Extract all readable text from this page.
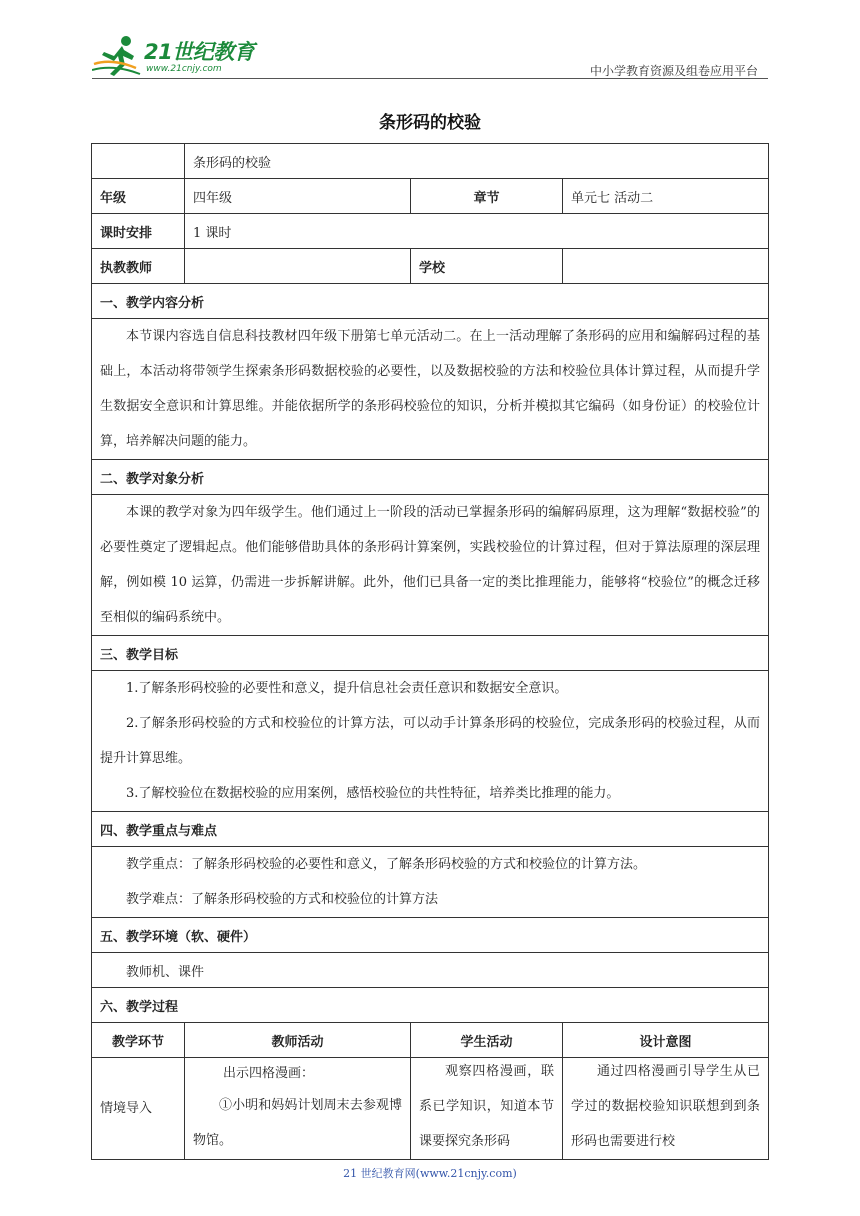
21世纪教育
www.21cnjy.com	中小学教育资源及组卷应用平台
条形码的校验
	条形码的校验		
年级	四年级	章节	单元七 活动二
课时安排	1 课时		
执教教师		学校	
一、教学内容分析			

本节课内容选自信息科技教材四年级下册第七单元活动二。在上一活动理解了条形码的应用和编解码过程的基础上，本活动将带领学生探索条形码数据校验的必要性，以及数据校验的方法和校验位具体计算过程，从而提升学生数据安全意识和计算思维。并能依据所学的条形码校验位的知识，分析并模拟其它编码（如身份证）的校验位计算，培养解决问题的能力。			

二、教学对象分析			

本课的教学对象为四年级学生。他们通过上一阶段的活动已掌握条形码的编解码原理，这为理解“数据校验”的必要性奠定了逻辑起点。他们能够借助具体的条形码计算案例，实践校验位的计算过程，但对于算法原理的深层理解，例如模 10 运算，仍需进一步拆解讲解。此外，他们已具备一定的类比推理能力，能够将“校验位”的概念迁移至相似的编码系统中。			

三、教学目标			

1.了解条形码校验的必要性和意义，提升信息社会责任意识和数据安全意识。

2.了解条形码校验的方式和校验位的计算方法，可以动手计算条形码的校验位，完成条形码的校验过程，从而提升计算思维。

3.了解校验位在数据校验的应用案例，感悟校验位的共性特征，培养类比推理的能力。			

四、教学重点与难点			

教学重点：了解条形码校验的必要性和意义，了解条形码校验的方式和校验位的计算方法。

教学难点：了解条形码校验的方式和校验位的计算方法			

五、教学环境（软、硬件）			
教师机、课件			
六、教学过程			
教学环节	教师活动	学生活动	设计意图

情境导入	出示四格漫画：

①小明和妈妈计划周末去参观博物馆。	观察四格漫画，联系已学知识，知道本节课要探究条形码	通过四格漫画引导学生从已学过的数据校验知识联想到到条形码也需要进行校

21 世纪教育网(www.21cnjy.com)
